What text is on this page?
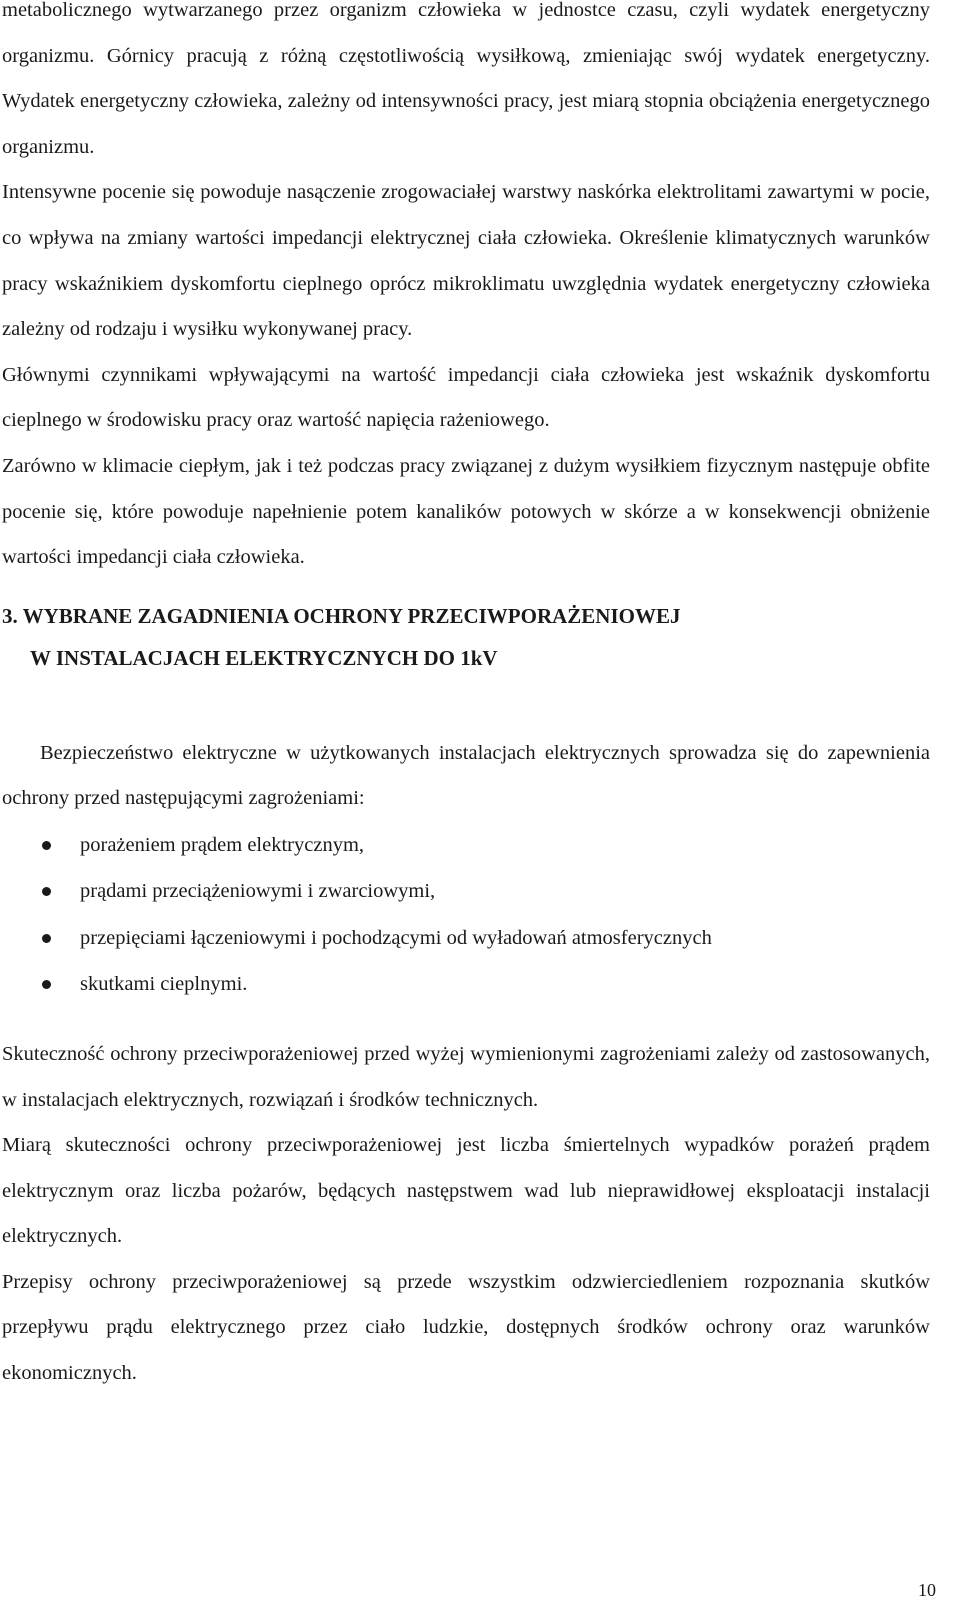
metabolicznego wytwarzanego przez organizm człowieka w jednostce czasu, czyli wydatek energetyczny organizmu. Górnicy pracują z różną częstotliwością wysiłkową, zmieniając swój wydatek energetyczny. Wydatek energetyczny człowieka, zależny od intensywności pracy, jest miarą stopnia obciążenia energetycznego organizmu.

Intensywne pocenie się powoduje nasączenie zrogowaciałej warstwy naskórka elektrolitami zawartymi w pocie, co wpływa na zmiany wartości impedancji elektrycznej ciała człowieka. Określenie klimatycznych warunków pracy wskaźnikiem dyskomfortu cieplnego oprócz mikroklimatu uwzględnia wydatek energetyczny człowieka zależny od rodzaju i wysiłku wykonywanej pracy.

Głównymi czynnikami wpływającymi na wartość impedancji ciała człowieka jest wskaźnik dyskomfortu cieplnego w środowisku pracy oraz wartość napięcia rażeniowego.

Zarówno w klimacie ciepłym, jak i też podczas pracy związanej z dużym wysiłkiem fizycznym następuje obfite pocenie się, które powoduje napełnienie potem kanalików potowych w skórze a w konsekwencji obniżenie wartości impedancji ciała człowieka.

3. WYBRANE ZAGADNIENIA OCHRONY PRZECIWPORAŻENIOWEJ

W INSTALACJACH ELEKTRYCZNYCH DO 1kV

Bezpieczeństwo elektryczne w użytkowanych instalacjach elektrycznych sprowadza się do zapewnienia ochrony przed następującymi zagrożeniami:

porażeniem prądem elektrycznym,
prądami przeciążeniowymi i zwarciowymi,
przepięciami łączeniowymi i pochodzącymi od wyładowań atmosferycznych
skutkami cieplnymi.

Skuteczność ochrony przeciwporażeniowej przed wyżej wymienionymi zagrożeniami zależy od zastosowanych, w instalacjach elektrycznych, rozwiązań i środków technicznych.

Miarą skuteczności ochrony przeciwporażeniowej jest liczba śmiertelnych wypadków porażeń prądem elektrycznym oraz liczba pożarów, będących następstwem wad lub nieprawidłowej eksploatacji instalacji elektrycznych.

Przepisy ochrony przeciwporażeniowej są przede wszystkim odzwierciedleniem rozpoznania skutków przepływu prądu elektrycznego przez ciało ludzkie, dostępnych środków ochrony oraz warunków ekonomicznych.

10
